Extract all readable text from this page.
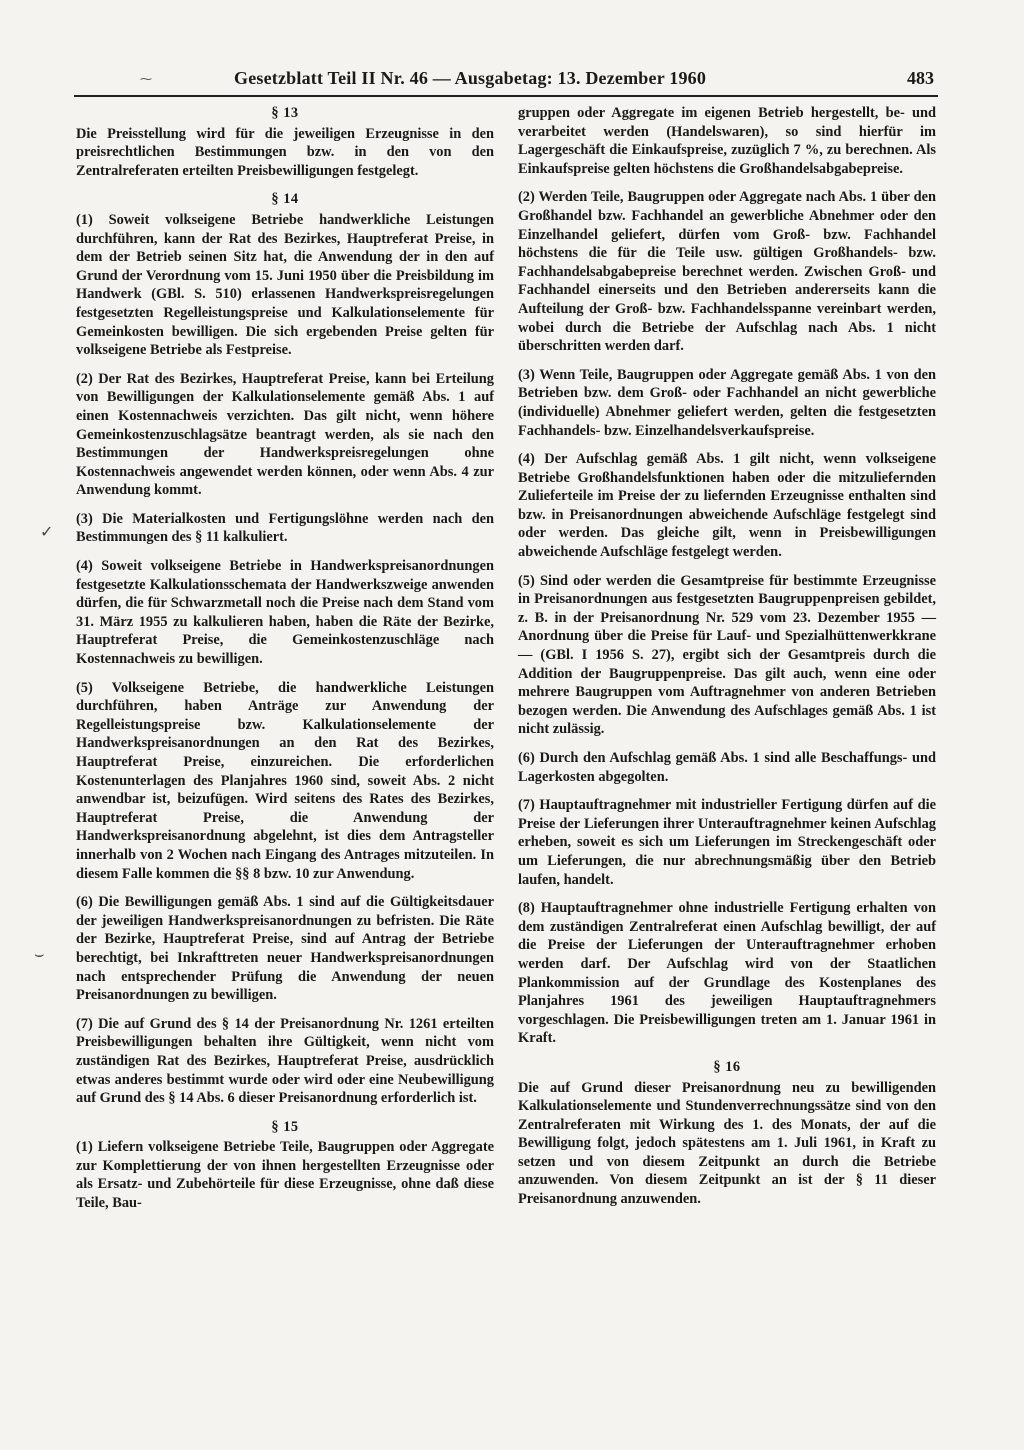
⁓	Gesetzblatt Teil II Nr. 46 — Ausgabetag: 13. Dezember 1960	483
✓
⌣
§ 13

Die Preisstellung wird für die jeweiligen Erzeugnisse in den preisrechtlichen Bestimmungen bzw. in den von den Zentralreferaten erteilten Preisbewilligungen festgelegt.

§ 14

(1) Soweit volkseigene Betriebe handwerkliche Leistungen durchführen, kann der Rat des Bezirkes, Hauptreferat Preise, in dem der Betrieb seinen Sitz hat, die Anwendung der in den auf Grund der Verordnung vom 15. Juni 1950 über die Preisbildung im Handwerk (GBl. S. 510) erlassenen Handwerkspreisregelungen festgesetzten Regelleistungspreise und Kalkulationselemente für Gemeinkosten bewilligen. Die sich ergebenden Preise gelten für volkseigene Betriebe als Festpreise.

(2) Der Rat des Bezirkes, Hauptreferat Preise, kann bei Erteilung von Bewilligungen der Kalkulationselemente gemäß Abs. 1 auf einen Kostennachweis verzichten. Das gilt nicht, wenn höhere Gemeinkostenzuschlagsätze beantragt werden, als sie nach den Bestimmungen der Handwerkspreisregelungen ohne Kostennachweis angewendet werden können, oder wenn Abs. 4 zur Anwendung kommt.

(3) Die Materialkosten und Fertigungslöhne werden nach den Bestimmungen des § 11 kalkuliert.

(4) Soweit volkseigene Betriebe in Handwerkspreisanordnungen festgesetzte Kalkulationsschemata der Handwerkszweige anwenden dürfen, die für Schwarzmetall noch die Preise nach dem Stand vom 31. März 1955 zu kalkulieren haben, haben die Räte der Bezirke, Hauptreferat Preise, die Gemeinkostenzuschläge nach Kostennachweis zu bewilligen.

(5) Volkseigene Betriebe, die handwerkliche Leistungen durchführen, haben Anträge zur Anwendung der Regelleistungspreise bzw. Kalkulationselemente der Handwerkspreisanordnungen an den Rat des Bezirkes, Hauptreferat Preise, einzureichen. Die erforderlichen Kostenunterlagen des Planjahres 1960 sind, soweit Abs. 2 nicht anwendbar ist, beizufügen. Wird seitens des Rates des Bezirkes, Hauptreferat Preise, die Anwendung der Handwerkspreisanordnung abgelehnt, ist dies dem Antragsteller innerhalb von 2 Wochen nach Eingang des Antrages mitzuteilen. In diesem Falle kommen die §§ 8 bzw. 10 zur Anwendung.

(6) Die Bewilligungen gemäß Abs. 1 sind auf die Gültigkeitsdauer der jeweiligen Handwerkspreisanordnungen zu befristen. Die Räte der Bezirke, Hauptreferat Preise, sind auf Antrag der Betriebe berechtigt, bei Inkrafttreten neuer Handwerkspreisanordnungen nach entsprechender Prüfung die Anwendung der neuen Preisanordnungen zu bewilligen.

(7) Die auf Grund des § 14 der Preisanordnung Nr. 1261 erteilten Preisbewilligungen behalten ihre Gültigkeit, wenn nicht vom zuständigen Rat des Bezirkes, Hauptreferat Preise, ausdrücklich etwas anderes bestimmt wurde oder wird oder eine Neubewilligung auf Grund des § 14 Abs. 6 dieser Preisanordnung erforderlich ist.

§ 15

(1) Liefern volkseigene Betriebe Teile, Baugruppen oder Aggregate zur Komplettierung der von ihnen hergestellten Erzeugnisse oder als Ersatz- und Zubehörteile für diese Erzeugnisse, ohne daß diese Teile, Bau-

gruppen oder Aggregate im eigenen Betrieb hergestellt, be- und verarbeitet werden (Handelswaren), so sind hierfür im Lagergeschäft die Einkaufspreise, zuzüglich 7 %, zu berechnen. Als Einkaufspreise gelten höchstens die Großhandelsabgabepreise.

(2) Werden Teile, Baugruppen oder Aggregate nach Abs. 1 über den Großhandel bzw. Fachhandel an gewerbliche Abnehmer oder den Einzelhandel geliefert, dürfen vom Groß- bzw. Fachhandel höchstens die für die Teile usw. gültigen Großhandels- bzw. Fachhandelsabgabepreise berechnet werden. Zwischen Groß- und Fachhandel einerseits und den Betrieben andererseits kann die Aufteilung der Groß- bzw. Fachhandelsspanne vereinbart werden, wobei durch die Betriebe der Aufschlag nach Abs. 1 nicht überschritten werden darf.

(3) Wenn Teile, Baugruppen oder Aggregate gemäß Abs. 1 von den Betrieben bzw. dem Groß- oder Fachhandel an nicht gewerbliche (individuelle) Abnehmer geliefert werden, gelten die festgesetzten Fachhandels- bzw. Einzelhandelsverkaufspreise.

(4) Der Aufschlag gemäß Abs. 1 gilt nicht, wenn volkseigene Betriebe Großhandelsfunktionen haben oder die mitzuliefernden Zulieferteile im Preise der zu liefernden Erzeugnisse enthalten sind bzw. in Preisanordnungen abweichende Aufschläge festgelegt sind oder werden. Das gleiche gilt, wenn in Preisbewilligungen abweichende Aufschläge festgelegt werden.

(5) Sind oder werden die Gesamtpreise für bestimmte Erzeugnisse in Preisanordnungen aus festgesetzten Baugruppenpreisen gebildet, z. B. in der Preisanordnung Nr. 529 vom 23. Dezember 1955 — Anordnung über die Preise für Lauf- und Spezialhüttenwerkkrane — (GBl. I 1956 S. 27), ergibt sich der Gesamtpreis durch die Addition der Baugruppenpreise. Das gilt auch, wenn eine oder mehrere Baugruppen vom Auftragnehmer von anderen Betrieben bezogen werden. Die Anwendung des Aufschlages gemäß Abs. 1 ist nicht zulässig.

(6) Durch den Aufschlag gemäß Abs. 1 sind alle Beschaffungs- und Lagerkosten abgegolten.

(7) Hauptauftragnehmer mit industrieller Fertigung dürfen auf die Preise der Lieferungen ihrer Unterauftragnehmer keinen Aufschlag erheben, soweit es sich um Lieferungen im Streckengeschäft oder um Lieferungen, die nur abrechnungsmäßig über den Betrieb laufen, handelt.

(8) Hauptauftragnehmer ohne industrielle Fertigung erhalten von dem zuständigen Zentralreferat einen Aufschlag bewilligt, der auf die Preise der Lieferungen der Unterauftragnehmer erhoben werden darf. Der Aufschlag wird von der Staatlichen Plankommission auf der Grundlage des Kostenplanes des Planjahres 1961 des jeweiligen Hauptauftragnehmers vorgeschlagen. Die Preisbewilligungen treten am 1. Januar 1961 in Kraft.

§ 16

Die auf Grund dieser Preisanordnung neu zu bewilligenden Kalkulationselemente und Stundenverrechnungssätze sind von den Zentralreferaten mit Wirkung des 1. des Monats, der auf die Bewilligung folgt, jedoch spätestens am 1. Juli 1961, in Kraft zu setzen und von diesem Zeitpunkt an durch die Betriebe anzuwenden. Von diesem Zeitpunkt an ist der § 11 dieser Preisanordnung anzuwenden.
